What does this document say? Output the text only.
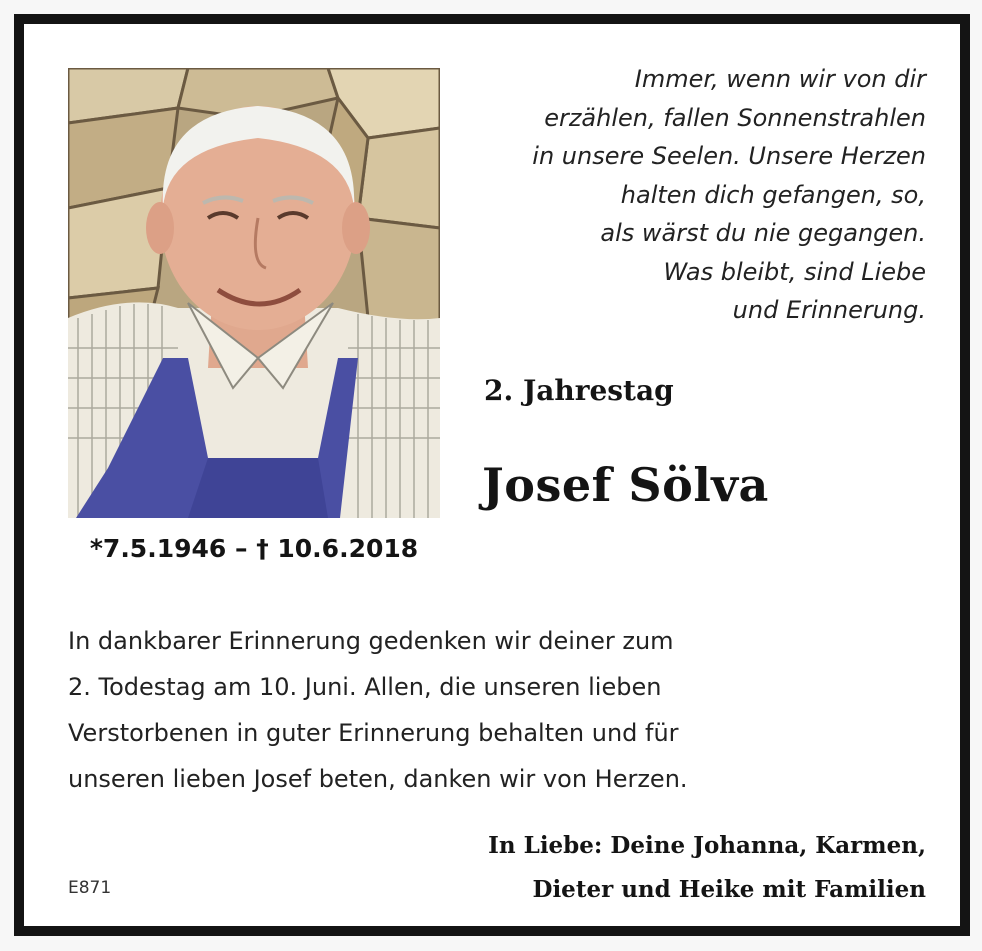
*7.5.1946 – † 10.6.2018

Immer, wenn wir von dir
erzählen, fallen Sonnenstrahlen
in unsere Seelen. Unsere Herzen
halten dich gefangen, so,
als wärst du nie gegangen.
Was bleibt, sind Liebe
und Erinnerung.

2. Jahrestag
Josef Sölva

In dankbarer Erinnerung gedenken wir deiner zum
2. Todestag am 10. Juni. Allen, die unseren lieben
Verstorbenen in guter Erinnerung behalten und für
unseren lieben Josef beten, danken wir von Herzen.

In Liebe: Deine Johanna, Karmen,
Dieter und Heike mit Familien

E871
